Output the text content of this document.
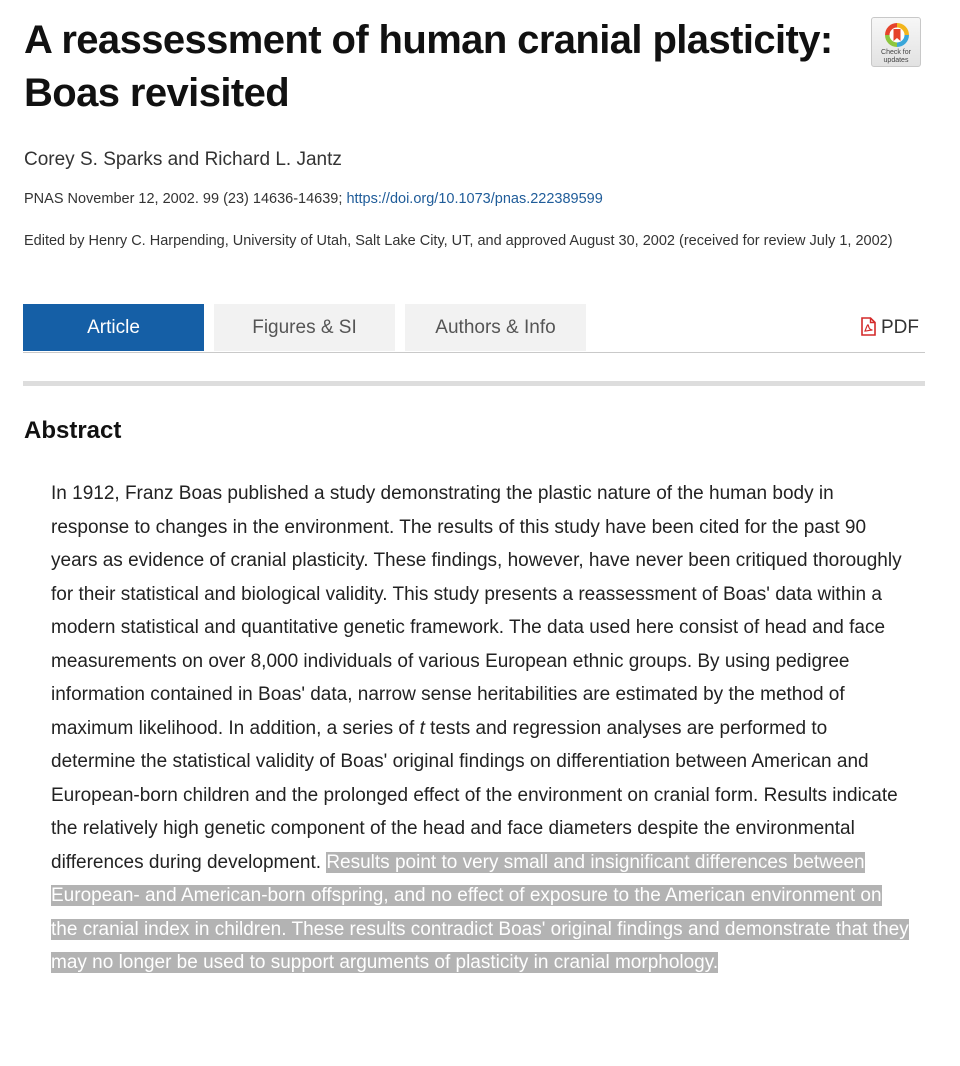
A reassessment of human cranial plasticity: Boas revisited
Check for
updates
Corey S. Sparks and Richard L. Jantz
PNAS November 12, 2002. 99 (23) 14636-14639; https://doi.org/10.1073/pnas.222389599
Edited by Henry C. Harpending, University of Utah, Salt Lake City, UT, and approved August 30, 2002 (received for review July 1, 2002)
Article	Figures & SI	Authors & Info	PDF
Abstract

In 1912, Franz Boas published a study demonstrating the plastic nature of the human body in response to changes in the environment. The results of this study have been cited for the past 90 years as evidence of cranial plasticity. These findings, however, have never been critiqued thoroughly for their statistical and biological validity. This study presents a reassessment of Boas' data within a modern statistical and quantitative genetic framework. The data used here consist of head and face measurements on over 8,000 individuals of various European ethnic groups. By using pedigree information contained in Boas' data, narrow sense heritabilities are estimated by the method of maximum likelihood. In addition, a series of t tests and regression analyses are performed to determine the statistical validity of Boas' original findings on differentiation between American and European-born children and the prolonged effect of the environment on cranial form. Results indicate the relatively high genetic component of the head and face diameters despite the environmental differences during development. Results point to very small and insignificant differences between European- and American-born offspring, and no effect of exposure to the American environment on the cranial index in children. These results contradict Boas' original findings and demonstrate that they may no longer be used to support arguments of plasticity in cranial morphology.
